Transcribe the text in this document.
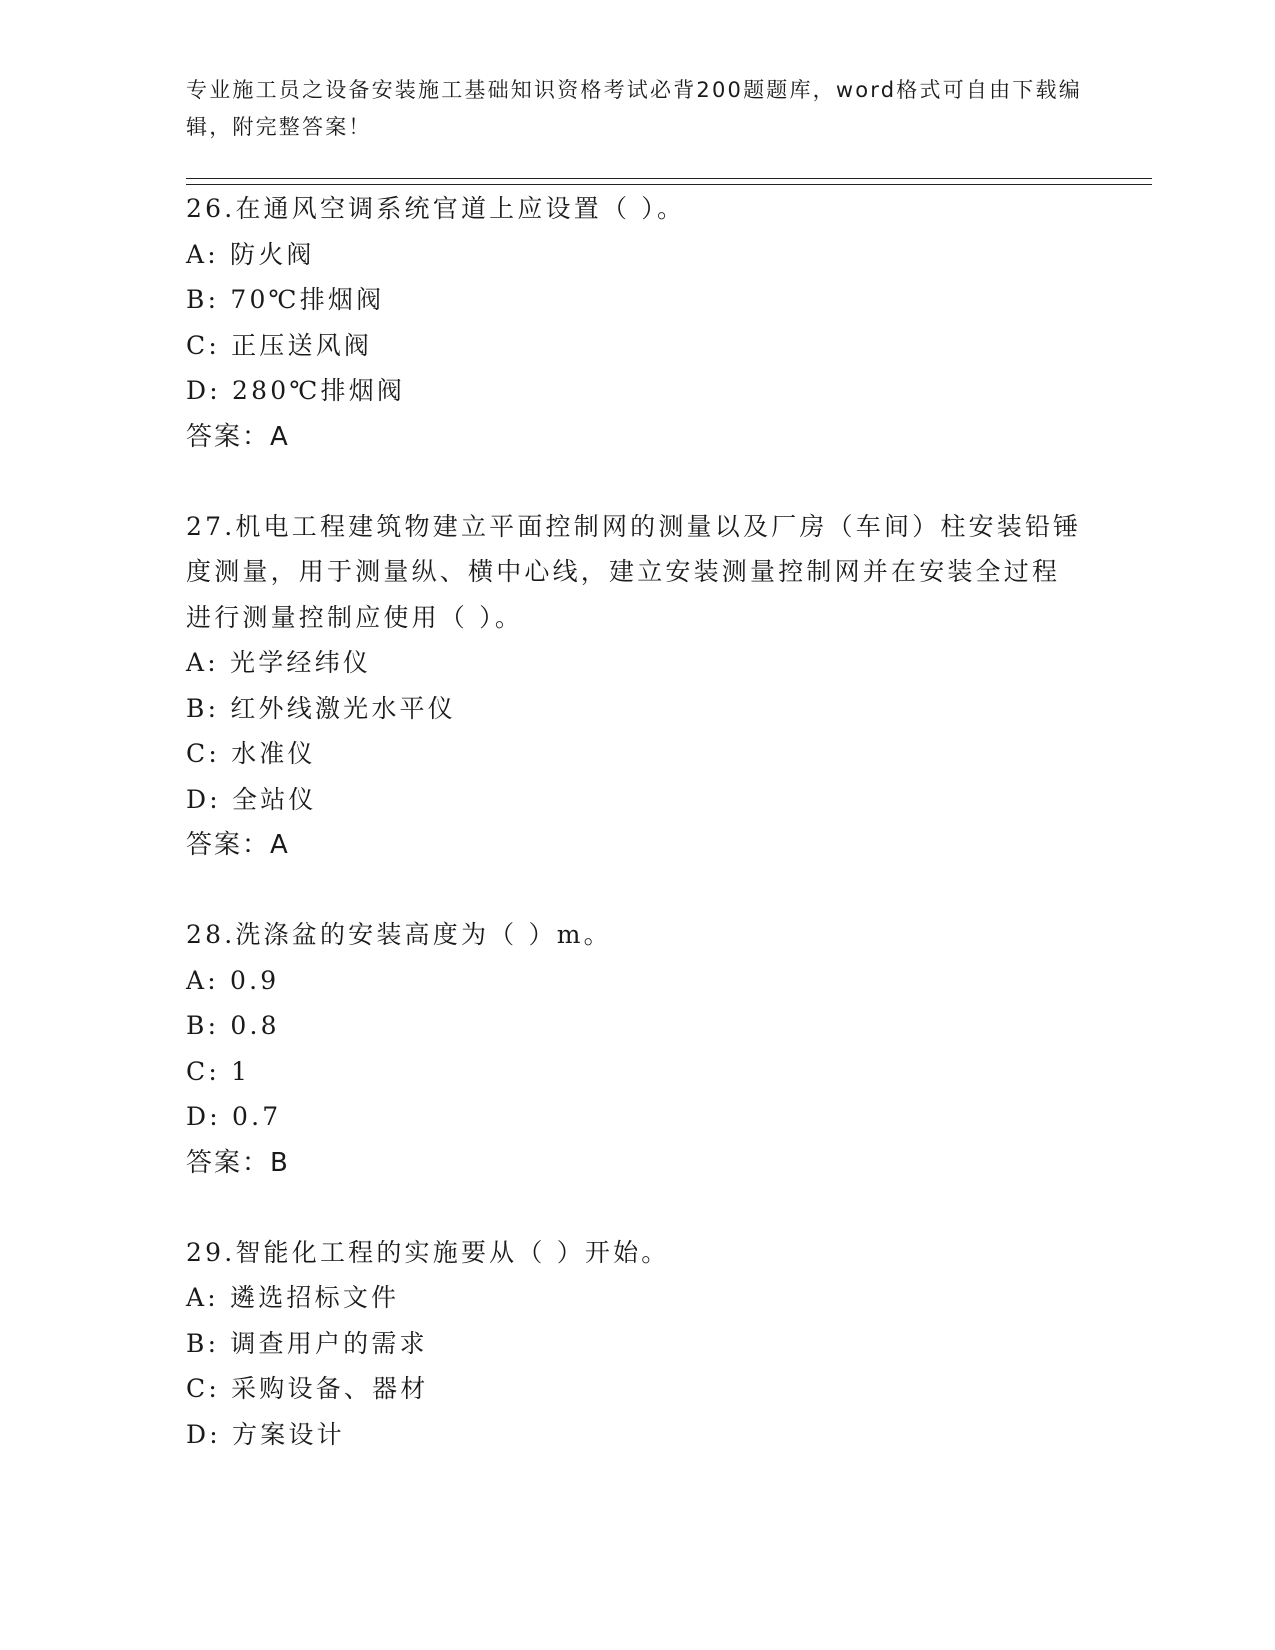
专业施工员之设备安装施工基础知识资格考试必背200题题库，word格式可自由下载编辑，附完整答案！
26.在通风空调系统官道上应设置（ ）。
A: 防火阀
B: 70℃排烟阀
C: 正压送风阀
D: 280℃排烟阀
答案：A
27.机电工程建筑物建立平面控制网的测量以及厂房（车间）柱安装铅锤度测量，用于测量纵、横中心线，建立安装测量控制网并在安装全过程进行测量控制应使用（ ）。
A: 光学经纬仪
B: 红外线激光水平仪
C: 水准仪
D: 全站仪
答案：A
28.洗涤盆的安装高度为（ ）m。
A: 0.9
B: 0.8
C: 1
D: 0.7
答案：B
29.智能化工程的实施要从（ ）开始。
A: 遴选招标文件
B: 调查用户的需求
C: 采购设备、器材
D: 方案设计
